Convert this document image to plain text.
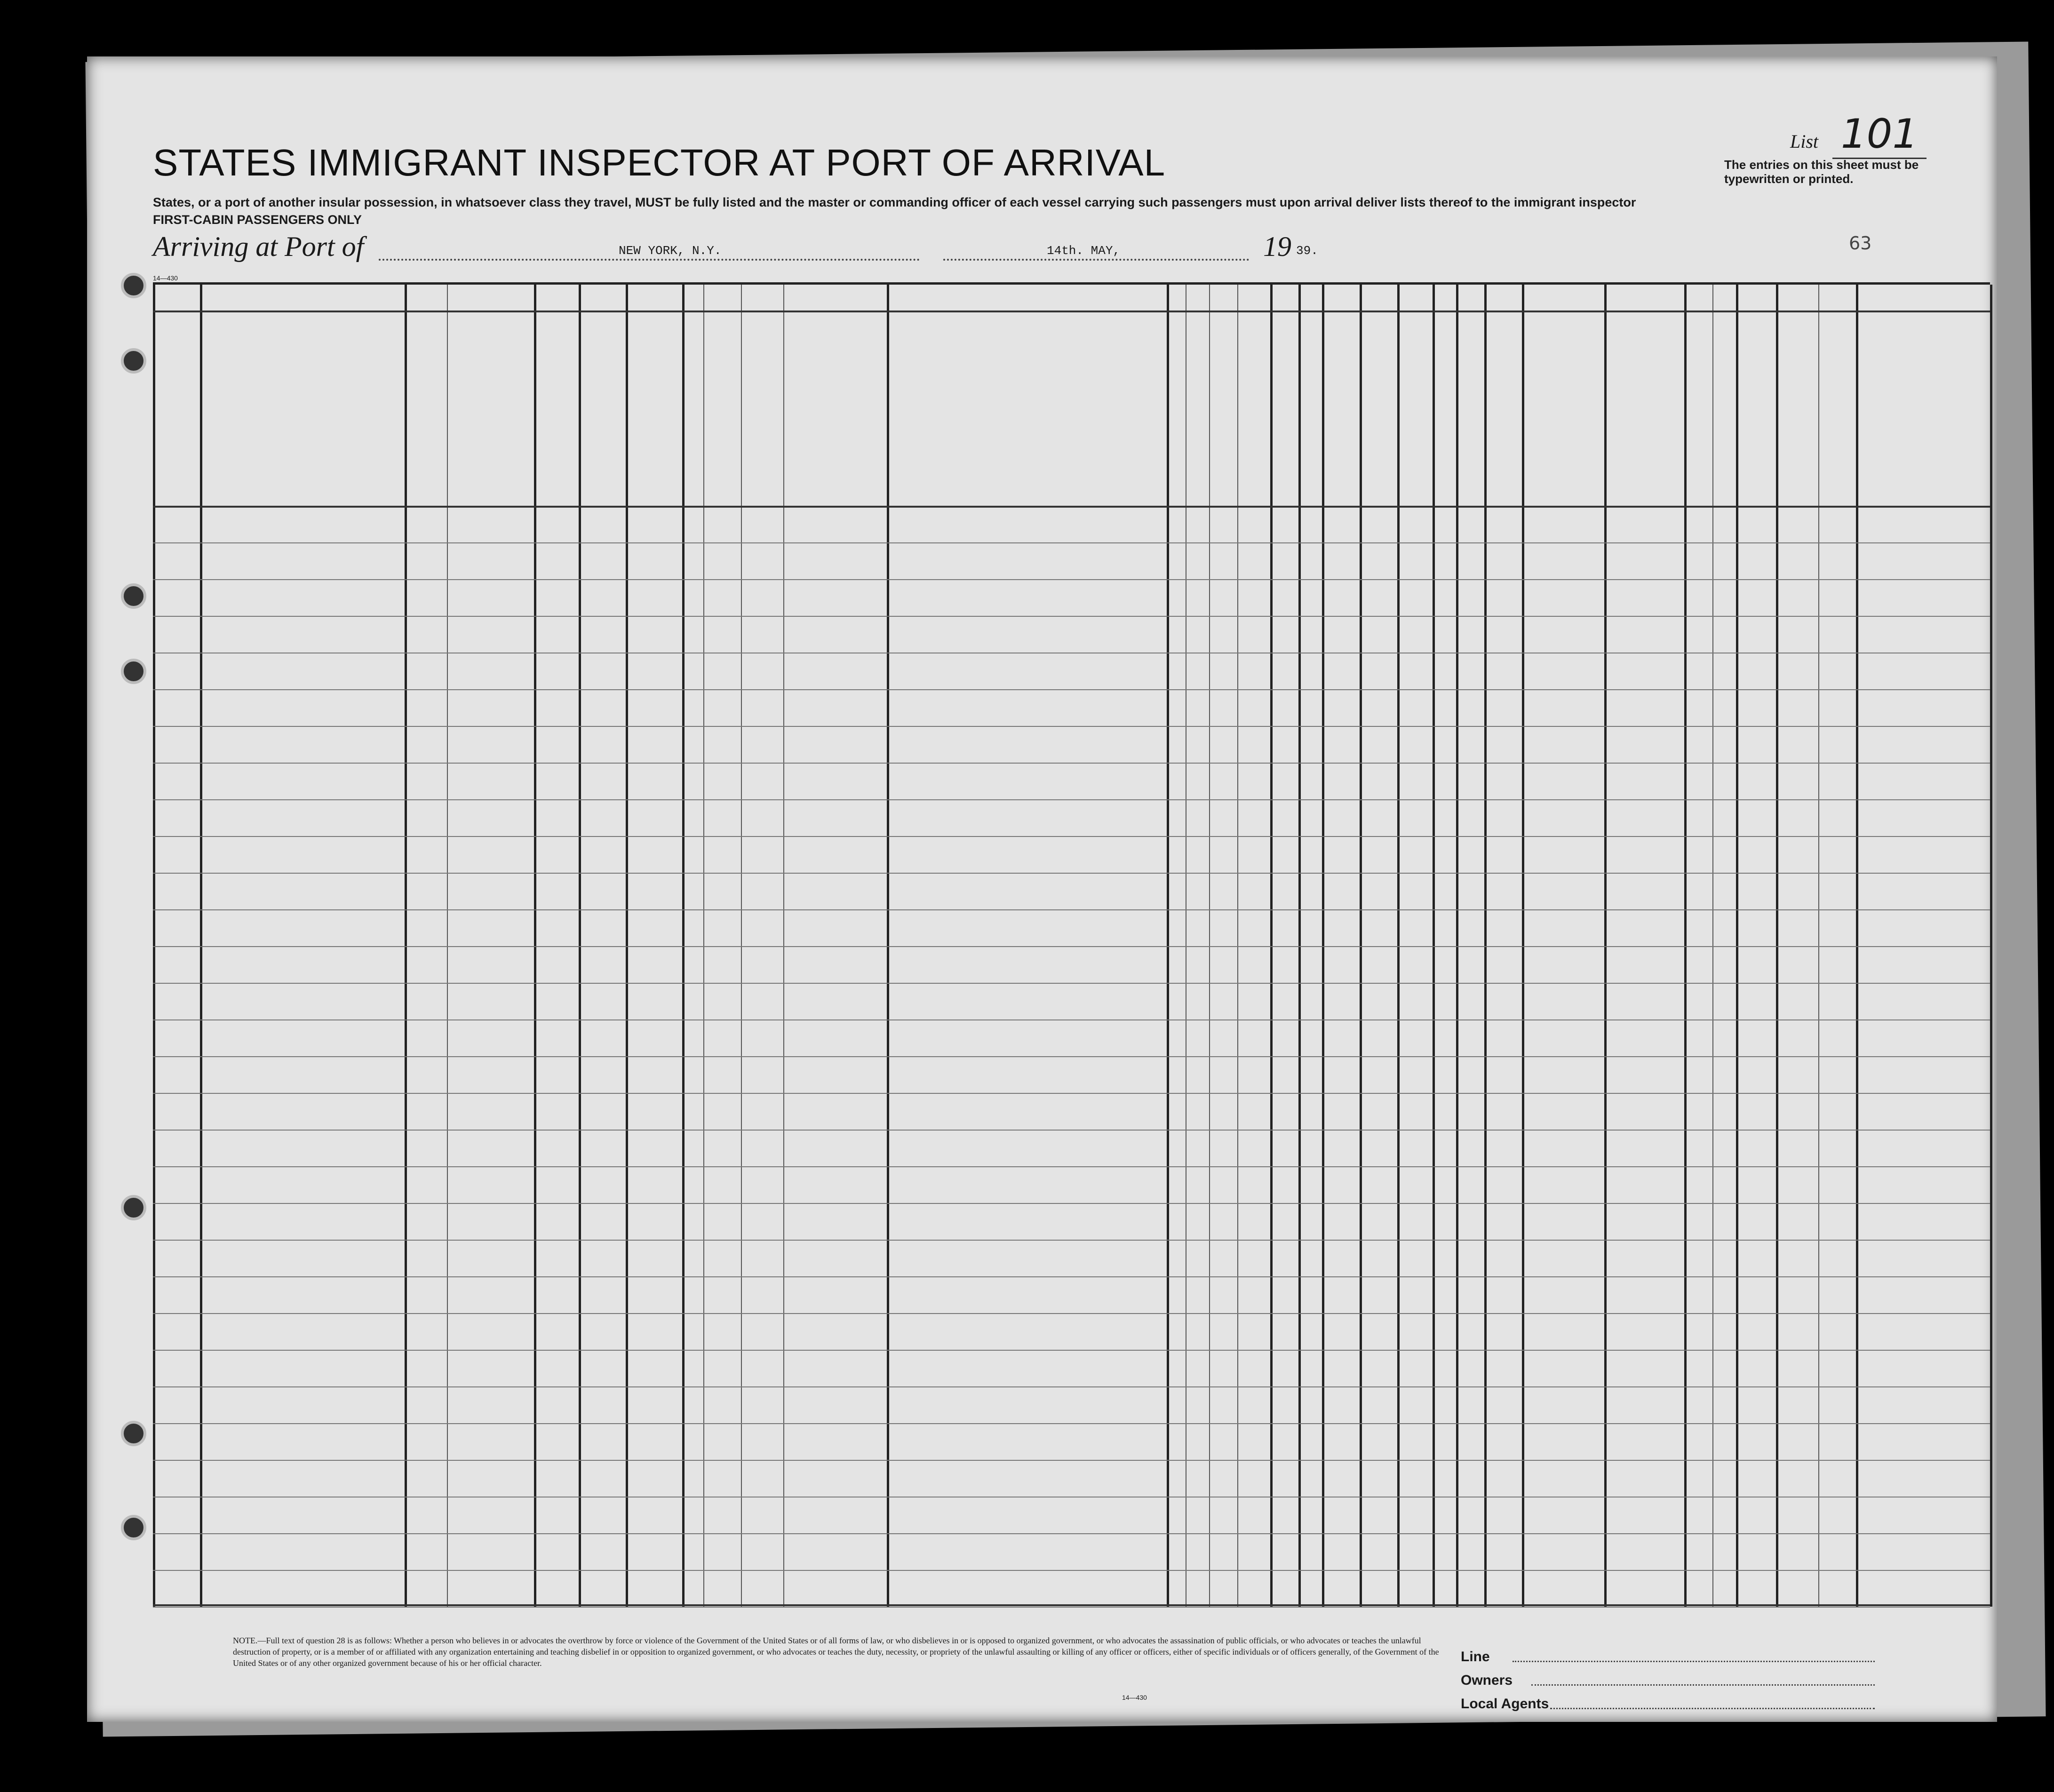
List 101
STATES IMMIGRANT INSPECTOR AT PORT OF ARRIVAL	The entries on this sheet must be typewritten or printed.
States, or a port of another insular possession, in whatsoever class they travel, MUST be fully listed and the master or commanding officer of each vessel carrying such passengers must upon arrival deliver lists thereof to the immigrant inspector
FIRST-CABIN PASSENGERS ONLY
Arriving at Port of	NEW YORK, N.Y.	14th. MAY,	19 39.	63
14—430
NOTE.—Full text of question 28 is as follows: Whether a person who believes in or advocates the overthrow by force or violence of the Government of the United States or of all forms of law, or who disbelieves in or is opposed to organized government, or who advocates the assassination of public officials, or who advocates or teaches the unlawful destruction of property, or is a member of or affiliated with any organization entertaining and teaching disbelief in or opposition to organized government, or who advocates or teaches the duty, necessity, or propriety of the unlawful assaulting or killing of any officer or officers, either of specific individuals or of officers generally, of the Government of the United States or of any other organized government because of his or her official character.
14—430
Line
Owners
Local Agents
